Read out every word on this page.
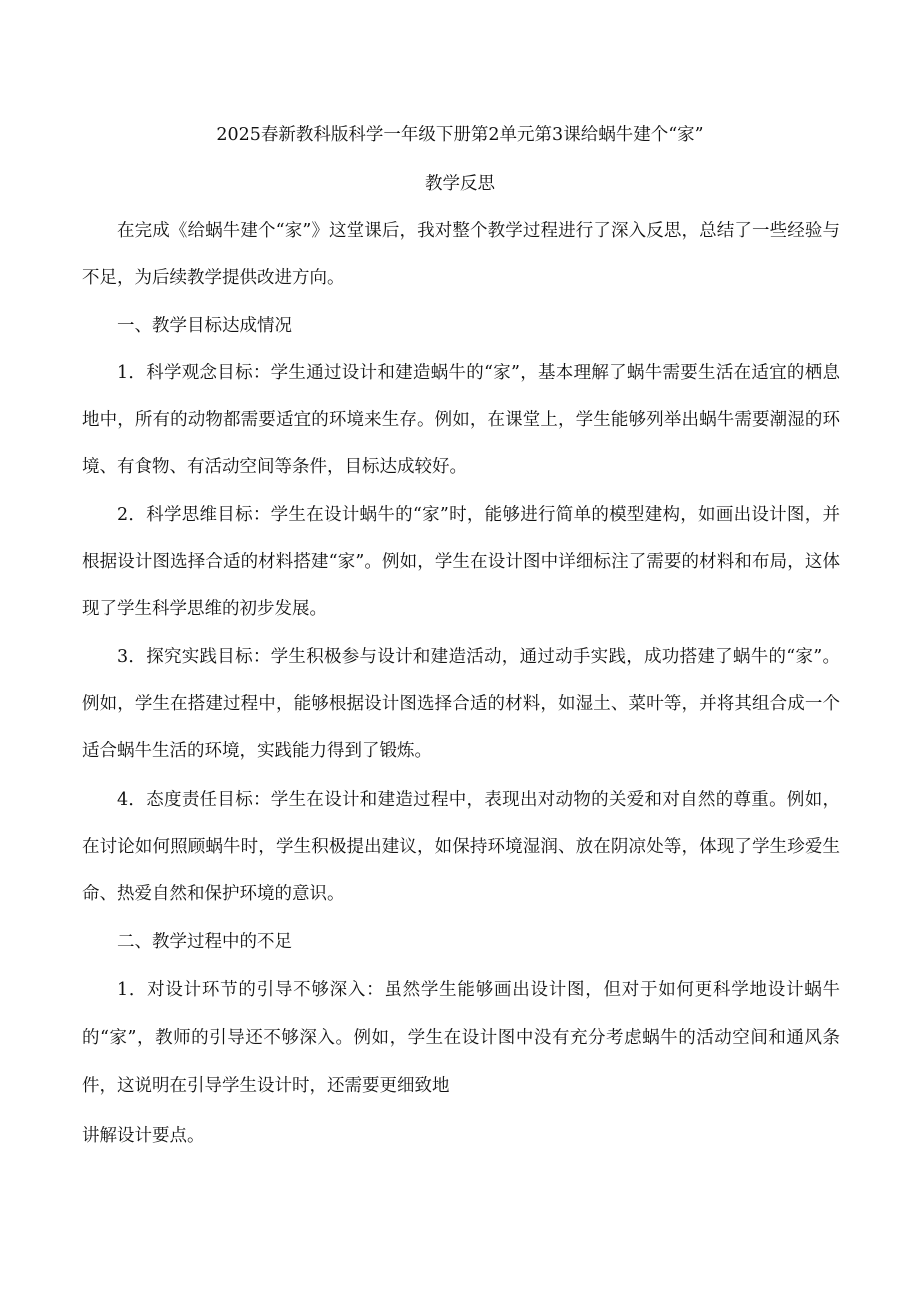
2025春新教科版科学一年级下册第2单元第3课给蜗牛建个“家”
教学反思

在完成《给蜗牛建个“家”》这堂课后，我对整个教学过程进行了深入反思，总结了一些经验与不足，为后续教学提供改进方向。

一、教学目标达成情况

1．科学观念目标：学生通过设计和建造蜗牛的“家”，基本理解了蜗牛需要生活在适宜的栖息地中，所有的动物都需要适宜的环境来生存。例如，在课堂上，学生能够列举出蜗牛需要潮湿的环境、有食物、有活动空间等条件，目标达成较好。

2．科学思维目标：学生在设计蜗牛的“家”时，能够进行简单的模型建构，如画出设计图，并根据设计图选择合适的材料搭建“家”。例如，学生在设计图中详细标注了需要的材料和布局，这体现了学生科学思维的初步发展。

3．探究实践目标：学生积极参与设计和建造活动，通过动手实践，成功搭建了蜗牛的“家”。例如，学生在搭建过程中，能够根据设计图选择合适的材料，如湿土、菜叶等，并将其组合成一个适合蜗牛生活的环境，实践能力得到了锻炼。

4．态度责任目标：学生在设计和建造过程中，表现出对动物的关爱和对自然的尊重。例如，在讨论如何照顾蜗牛时，学生积极提出建议，如保持环境湿润、放在阴凉处等，体现了学生珍爱生命、热爱自然和保护环境的意识。

二、教学过程中的不足

1．对设计环节的引导不够深入：虽然学生能够画出设计图，但对于如何更科学地设计蜗牛的“家”，教师的引导还不够深入。例如，学生在设计图中没有充分考虑蜗牛的活动空间和通风条件，这说明在引导学生设计时，还需要更细致地

讲解设计要点。
